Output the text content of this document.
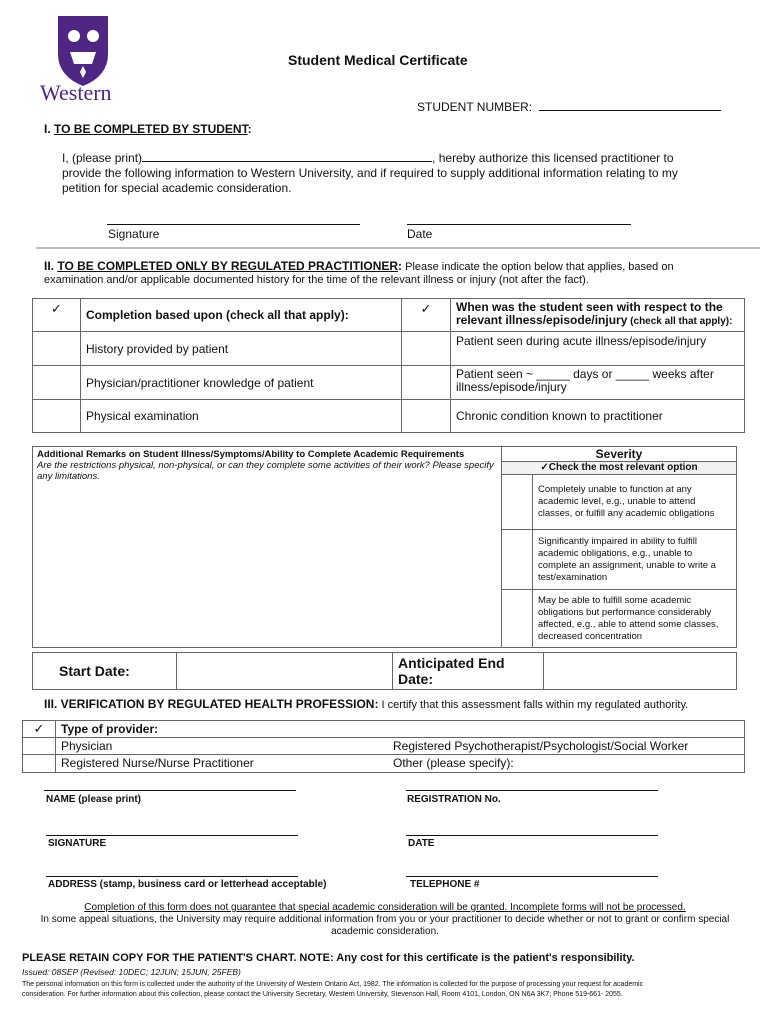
Western
Student Medical Certificate
STUDENT NUMBER:
I. TO BE COMPLETED BY STUDENT:
I, (please print)	, hereby authorize this licensed practitioner to
provide the following information to Western University, and if required to supply additional information relating to my
petition for special academic consideration.
Signature	Date
II. TO BE COMPLETED ONLY BY REGULATED PRACTITIONER: Please indicate the option below that applies, based on
examination and/or applicable documented history for the time of the relevant illness or injury (not after the fact).
✓	Completion based upon (check all that apply):	✓	When was the student seen with respect to the
relevant illness/episode/injury (check all that apply):
	History provided by patient		Patient seen during acute illness/episode/injury
	Physician/practitioner knowledge of patient		Patient seen ~ _____ days or _____ weeks after illness/episode/injury
	Physical examination		Chronic condition known to practitioner
Additional Remarks on Student Illness/Symptoms/Ability to Complete Academic Requirements
Are the restrictions physical, non-physical, or can they complete some activities of their work? Please specify any limitations.	Severity	
	✓Check the most relevant option	
		Completely unable to function at any academic level, e.g., unable to attend classes, or fulfill any academic obligations
		Significantly impaired in ability to fulfill academic obligations, e.g., unable to complete an assignment, unable to write a test/examination
		May be able to fulfill some academic obligations but performance considerably affected, e.g., able to attend some classes, decreased concentration
Start Date:		Anticipated End Date:	
III. VERIFICATION BY REGULATED HEALTH PROFESSION: I certify that this assessment falls within my regulated authority.
✓	Type of provider:	
	Physician	Registered Psychotherapist/Psychologist/Social Worker
	Registered Nurse/Nurse Practitioner	Other (please specify):
NAME (please print)	REGISTRATION No.
SIGNATURE	DATE
ADDRESS (stamp, business card or letterhead acceptable)	TELEPHONE #
Completion of this form does not guarantee that special academic consideration will be granted. Incomplete forms will not be processed.
In some appeal situations, the University may require additional information from you or your practitioner to decide whether or not to grant or confirm special
academic consideration.
PLEASE RETAIN COPY FOR THE PATIENT'S CHART. NOTE: Any cost for this certificate is the patient's responsibility.
Issued: 08SEP (Revised: 10DEC; 12JUN; 15JUN, 25FEB)
The personal information on this form is collected under the authority of the University of Western Ontario Act, 1982. The information is collected for the purpose of processing your request for academic
consideration. For further information about this collection, please contact the University Secretary, Western University, Stevenson Hall, Room 4101, London, ON N6A 3K7; Phone 519-661- 2055.
